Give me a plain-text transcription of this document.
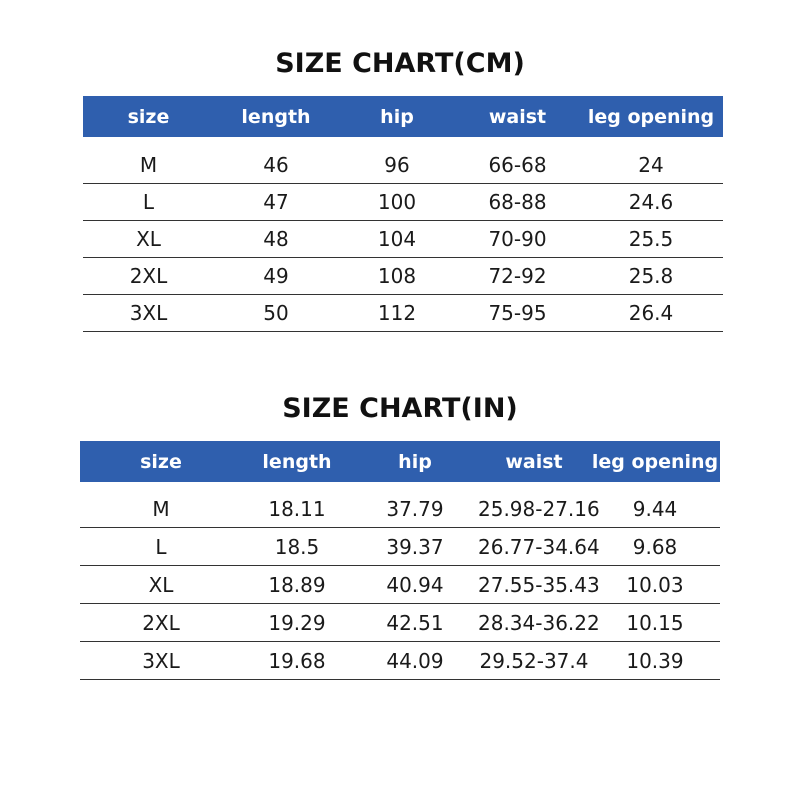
SIZE CHART(CM)
size	length	hip	waist	leg opening
M	46	96	66-68	24
L	47	100	68-88	24.6
XL	48	104	70-90	25.5
2XL	49	108	72-92	25.8
3XL	50	112	75-95	26.4
SIZE CHART(IN)
size	length	hip	waist	leg opening
M	18.11	37.79	25.98-27.16	9.44
L	18.5	39.37	26.77-34.64	9.68
XL	18.89	40.94	27.55-35.43	10.03
2XL	19.29	42.51	28.34-36.22	10.15
3XL	19.68	44.09	29.52-37.4	10.39
